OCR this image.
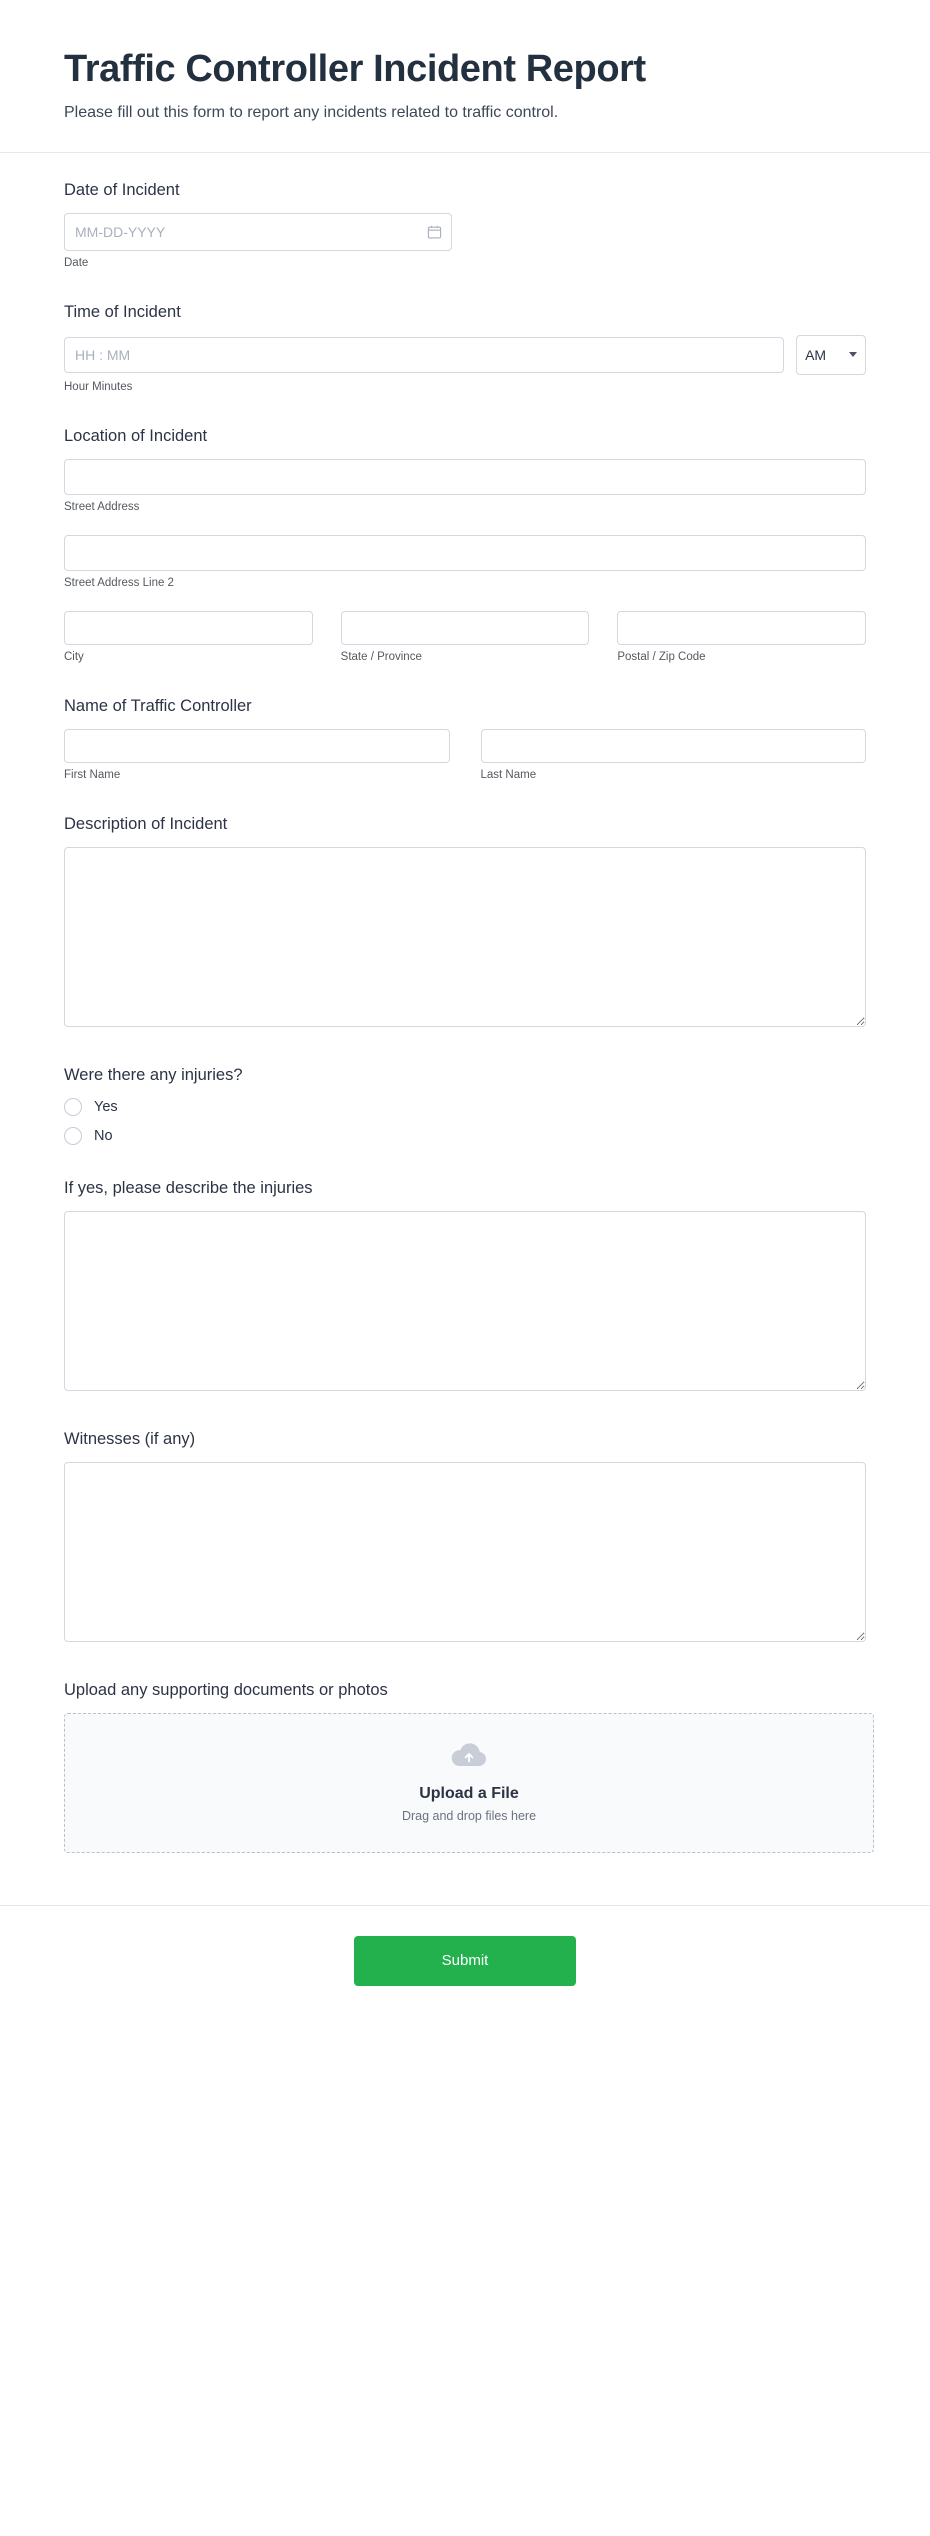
Traffic Controller Incident Report

Please fill out this form to report any incidents related to traffic control.

Date of Incident
MM-DD-YYYY
Date
Time of Incident
HH : MM
AM
Hour Minutes
Location of Incident
Street Address
Street Address Line 2
City	State / Province	Postal / Zip Code
Name of Traffic Controller
First Name	Last Name
Description of Incident
Were there any injuries?
Yes
No
If yes, please describe the injuries
Witnesses (if any)
Upload any supporting documents or photos
Upload a File
Drag and drop files here
Submit
